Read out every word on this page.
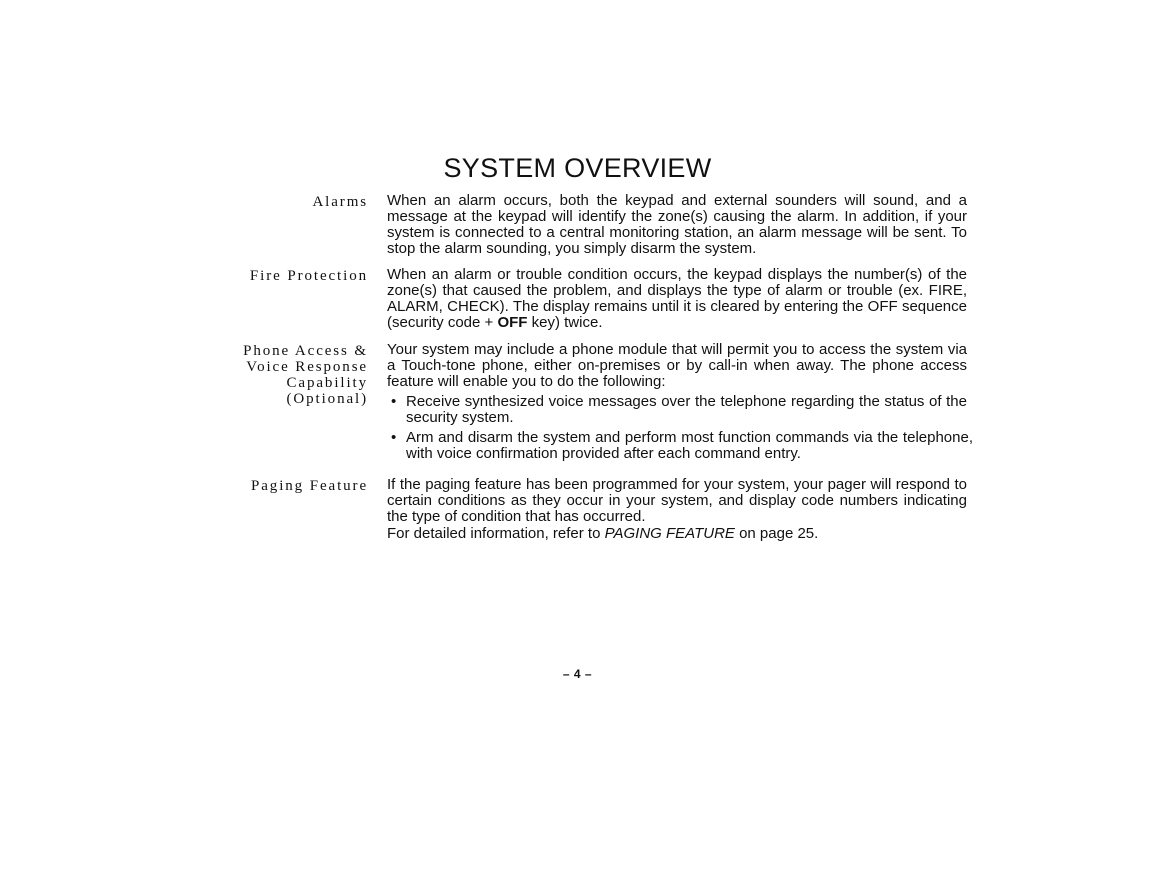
SYSTEM OVERVIEW
Alarms When an alarm occurs, both the keypad and external sounders will sound, and a message at the keypad will identify the zone(s) causing the alarm. In addition, if your system is connected to a central monitoring station, an alarm message will be sent. To stop the alarm sounding, you simply disarm the system.

Fire Protection When an alarm or trouble condition occurs, the keypad displays the number(s) of the zone(s) that caused the problem, and displays the type of alarm or trouble (ex. FIRE, ALARM, CHECK). The display remains until it is cleared by entering the OFF sequence (security code + OFF key) twice.

Phone Access &
Voice Response
Capability
(Optional)

Your system may include a phone module that will permit you to access the system via a Touch-tone phone, either on-premises or by call-in when away. The phone access feature will enable you to do the following:

• Receive synthesized voice messages over the telephone regarding the status of the security system.
• Arm and disarm the system and perform most function commands via the telephone, with voice confirmation provided after each command entry.
Paging Feature If the paging feature has been programmed for your system, your pager will respond to certain conditions as they occur in your system, and display code numbers indicating the type of condition that has occurred.

For detailed information, refer to PAGING FEATURE on page 25.

– 4 –
